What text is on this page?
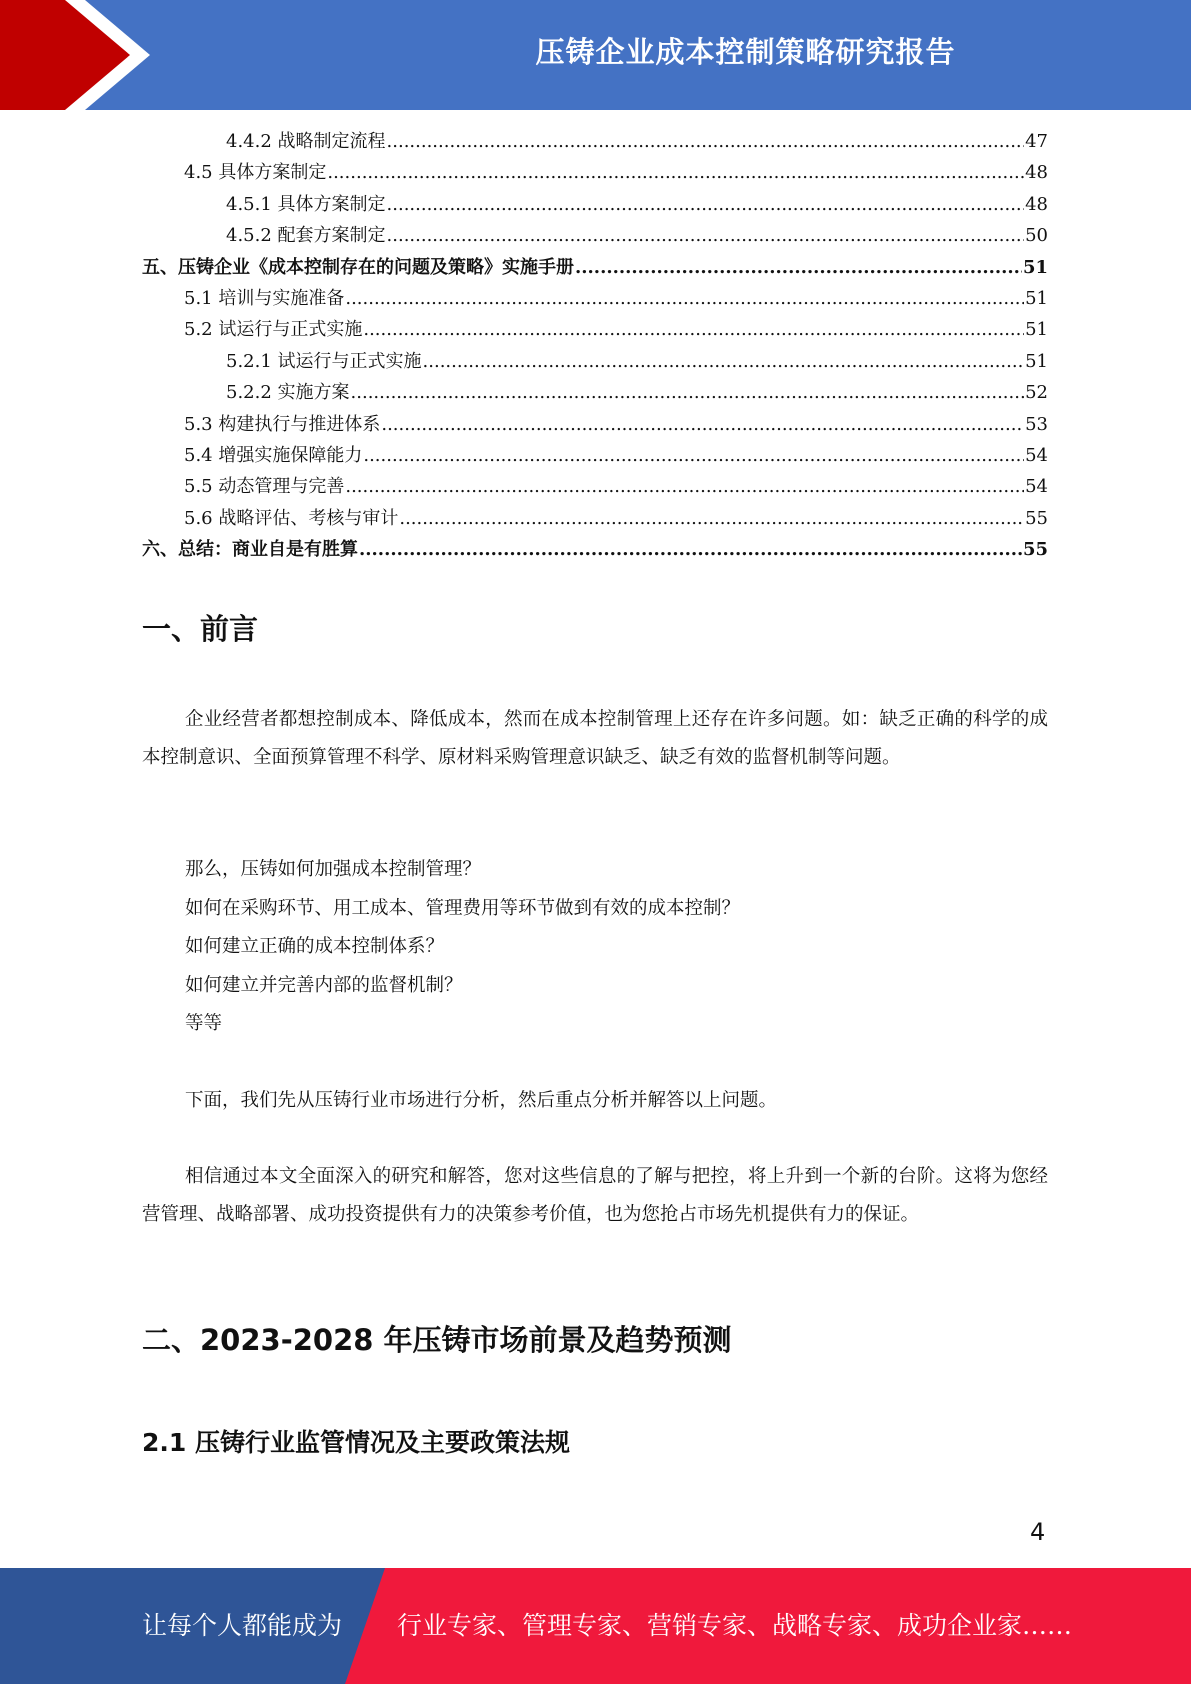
压铸企业成本控制策略研究报告
4.4.2 战略制定流程 .....	47
4.5 具体方案制定 .....	48
4.5.1 具体方案制定 .....	48
4.5.2 配套方案制定 .....	50
五、压铸企业《成本控制存在的问题及策略》实施手册 .....	51
5.1 培训与实施准备 .....	51
5.2 试运行与正式实施 .....	51
5.2.1 试运行与正式实施 .....	51
5.2.2 实施方案 .....	52
5.3 构建执行与推进体系 .....	53
5.4 增强实施保障能力 .....	54
5.5 动态管理与完善 .....	54
5.6 战略评估、考核与审计 .....	55
六、总结：商业自是有胜算 .....	55
一、前言

企业经营者都想控制成本、降低成本，然而在成本控制管理上还存在许多问题。如：缺乏正确的科学的成本控制意识、全面预算管理不科学、原材料采购管理意识缺乏、缺乏有效的监督机制等问题。

那么，压铸如何加强成本控制管理？
如何在采购环节、用工成本、管理费用等环节做到有效的成本控制？
如何建立正确的成本控制体系？
如何建立并完善内部的监督机制？
等等

下面，我们先从压铸行业市场进行分析，然后重点分析并解答以上问题。

相信通过本文全面深入的研究和解答，您对这些信息的了解与把控，将上升到一个新的台阶。这将为您经营管理、战略部署、成功投资提供有力的决策参考价值，也为您抢占市场先机提供有力的保证。

二、2023-2028 年压铸市场前景及趋势预测
2.1 压铸行业监管情况及主要政策法规
4
让每个人都能成为 行业专家、管理专家、营销专家、战略专家、成功企业家……
